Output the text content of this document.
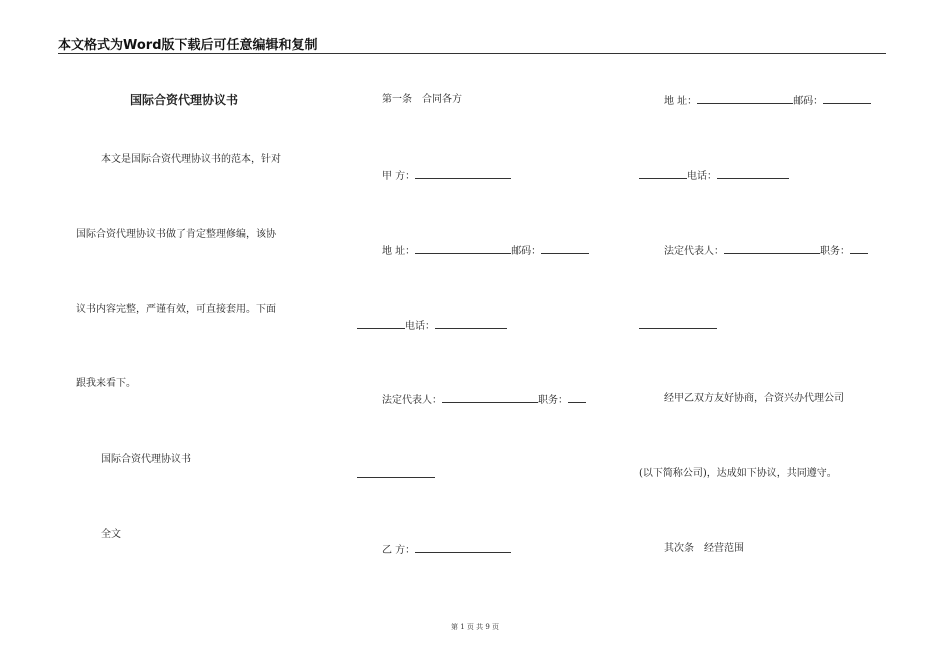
本文格式为Word版下载后可任意编辑和复制
国际合资代理协议书
本文是国际合资代理协议书的范本，针对
国际合资代理协议书做了肯定整理修编，该协
议书内容完整，严谨有效，可直接套用。下面
跟我来看下。
国际合资代理协议书
全文
第一条　合同各方
甲 方：
地 址：	邮码：
电话：
法定代表人：	职务：
乙 方：
地 址：	邮码：
电话：
法定代表人：	职务：
经甲乙双方友好协商，合资兴办代理公司
(以下简称公司)，达成如下协议，共同遵守。
其次条　经营范围
第 1 页 共 9 页
